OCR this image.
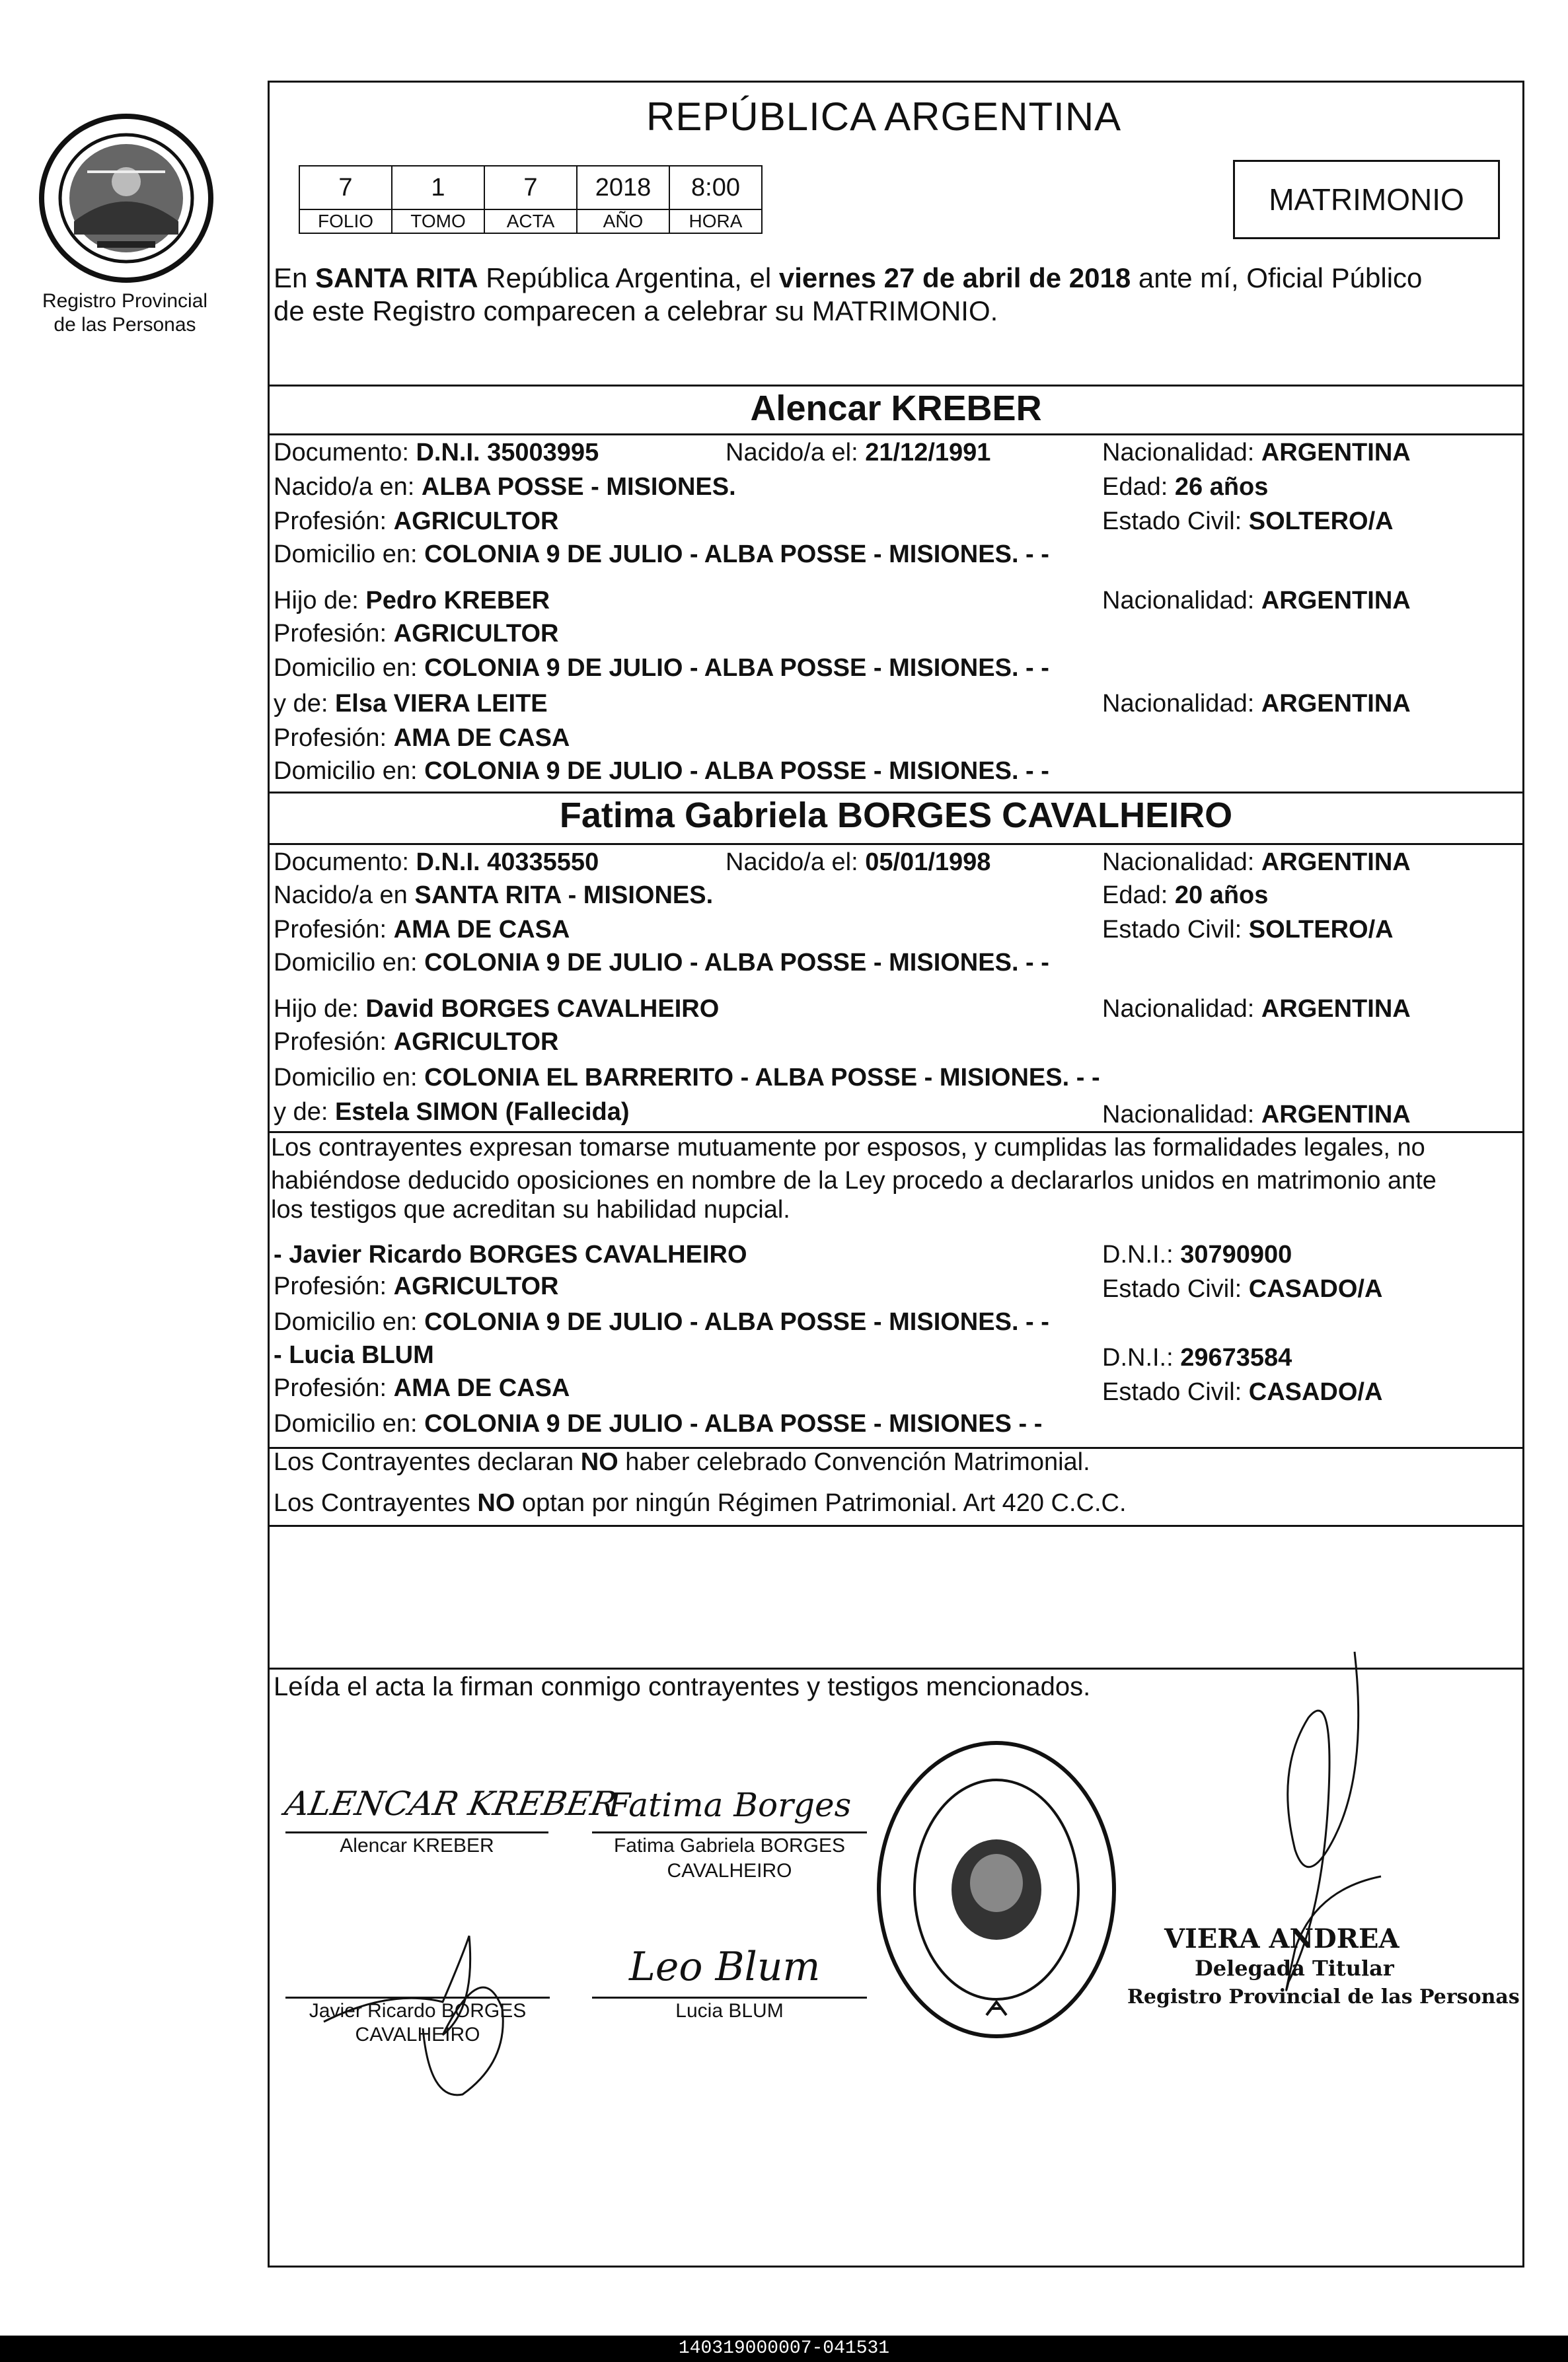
Registro Provincial
de las Personas
REPÚBLICA ARGENTINA
7	1	7	2018	8:00
FOLIO	TOMO	ACTA	AÑO	HORA
MATRIMONIO
En SANTA RITA República Argentina, el viernes 27 de abril de 2018 ante mí, Oficial Público
de este Registro comparecen a celebrar su MATRIMONIO.
Alencar KREBER
Documento: D.N.I. 35003995	Nacido/a el: 21/12/1991	Nacionalidad: ARGENTINA
Nacido/a en: ALBA POSSE - MISIONES.	Edad: 26 años
Profesión: AGRICULTOR	Estado Civil: SOLTERO/A
Domicilio en: COLONIA 9 DE JULIO - ALBA POSSE - MISIONES. - -
Hijo de: Pedro KREBER	Nacionalidad: ARGENTINA
Profesión: AGRICULTOR
Domicilio en: COLONIA 9 DE JULIO - ALBA POSSE - MISIONES. - -
y de: Elsa VIERA LEITE	Nacionalidad: ARGENTINA
Profesión: AMA DE CASA
Domicilio en: COLONIA 9 DE JULIO - ALBA POSSE - MISIONES. - -
Fatima Gabriela BORGES CAVALHEIRO
Documento: D.N.I. 40335550	Nacido/a el: 05/01/1998	Nacionalidad: ARGENTINA
Nacido/a en SANTA RITA - MISIONES.	Edad: 20 años
Profesión: AMA DE CASA	Estado Civil: SOLTERO/A
Domicilio en: COLONIA 9 DE JULIO - ALBA POSSE - MISIONES. - -
Hijo de: David BORGES CAVALHEIRO	Nacionalidad: ARGENTINA
Profesión: AGRICULTOR
Domicilio en: COLONIA EL BARRERITO - ALBA POSSE - MISIONES. - -
y de: Estela SIMON (Fallecida)	Nacionalidad: ARGENTINA
Los contrayentes expresan tomarse mutuamente por esposos, y cumplidas las formalidades legales, no
habiéndose deducido oposiciones en nombre de la Ley procedo a declararlos unidos en matrimonio ante
los testigos que acreditan su habilidad nupcial.
- Javier Ricardo BORGES CAVALHEIRO	D.N.I.: 30790900
Profesión: AGRICULTOR	Estado Civil: CASADO/A
Domicilio en: COLONIA 9 DE JULIO - ALBA POSSE - MISIONES. - -
- Lucia BLUM	D.N.I.: 29673584
Profesión: AMA DE CASA	Estado Civil: CASADO/A
Domicilio en: COLONIA 9 DE JULIO - ALBA POSSE - MISIONES - -
Los Contrayentes declaran NO haber celebrado Convención Matrimonial.
Los Contrayentes NO optan por ningún Régimen Patrimonial. Art 420 C.C.C.
Leída el acta la firman conmigo contrayentes y testigos mencionados.
ALENCAR KREBER
Alencar KREBER
Fatima Borges
Fatima Gabriela BORGES
CAVALHEIRO
Javier Ricardo BORGES
CAVALHEIRO
Leo Blum
Lucia BLUM
VIERA ANDREA
Delegada Titular
Registro Provincial de las Personas
140319000007-041531
